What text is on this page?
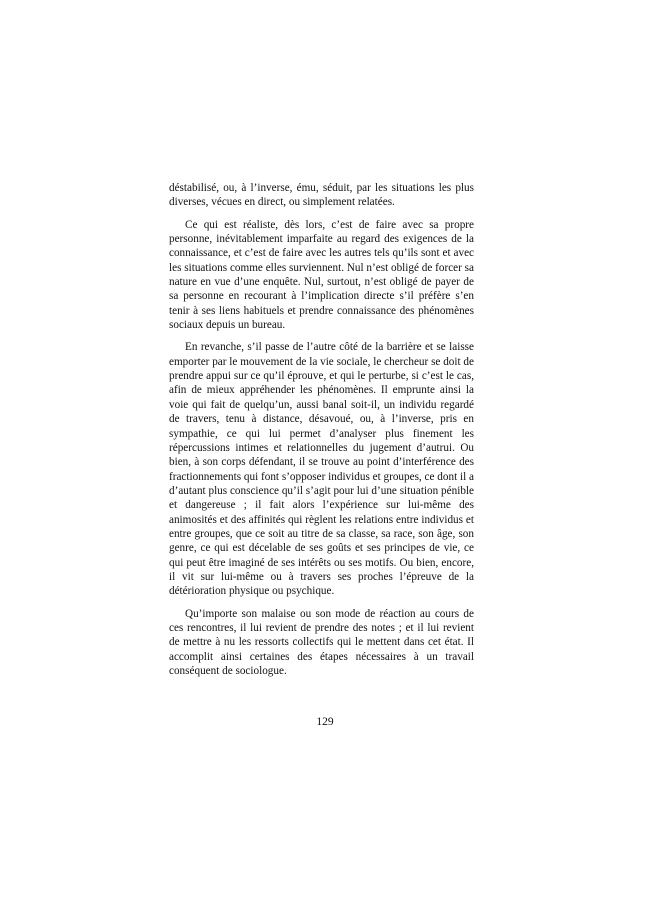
déstabilisé, ou, à l’inverse, ému, séduit, par les situations les plus diverses, vécues en direct, ou simplement relatées.

Ce qui est réaliste, dès lors, c’est de faire avec sa propre personne, inévitablement imparfaite au regard des exigences de la connaissance, et c’est de faire avec les autres tels qu’ils sont et avec les situations comme elles surviennent. Nul n’est obligé de forcer sa nature en vue d’une enquête. Nul, surtout, n’est obligé de payer de sa personne en recourant à l’implication directe s’il préfère s’en tenir à ses liens habituels et prendre connaissance des phénomènes sociaux depuis un bureau.

En revanche, s’il passe de l’autre côté de la barrière et se laisse emporter par le mouvement de la vie sociale, le chercheur se doit de prendre appui sur ce qu’il éprouve, et qui le perturbe, si c’est le cas, afin de mieux appréhender les phénomènes. Il emprunte ainsi la voie qui fait de quelqu’un, aussi banal soit-il, un individu regardé de travers, tenu à distance, désavoué, ou, à l’inverse, pris en sympathie, ce qui lui permet d’analyser plus finement les répercussions intimes et relationnelles du jugement d’autrui. Ou bien, à son corps défendant, il se trouve au point d’interférence des fractionnements qui font s’opposer individus et groupes, ce dont il a d’autant plus conscience qu’il s’agit pour lui d’une situation pénible et dangereuse ; il fait alors l’expérience sur lui-même des animosités et des affinités qui règlent les relations entre individus et entre groupes, que ce soit au titre de sa classe, sa race, son âge, son genre, ce qui est décelable de ses goûts et ses principes de vie, ce qui peut être imaginé de ses intérêts ou ses motifs. Ou bien, encore, il vit sur lui-même ou à travers ses proches l’épreuve de la détérioration physique ou psychique.

Qu’importe son malaise ou son mode de réaction au cours de ces rencontres, il lui revient de prendre des notes ; et il lui revient de mettre à nu les ressorts collectifs qui le mettent dans cet état. Il accomplit ainsi certaines des étapes nécessaires à un travail conséquent de sociologue.

129
